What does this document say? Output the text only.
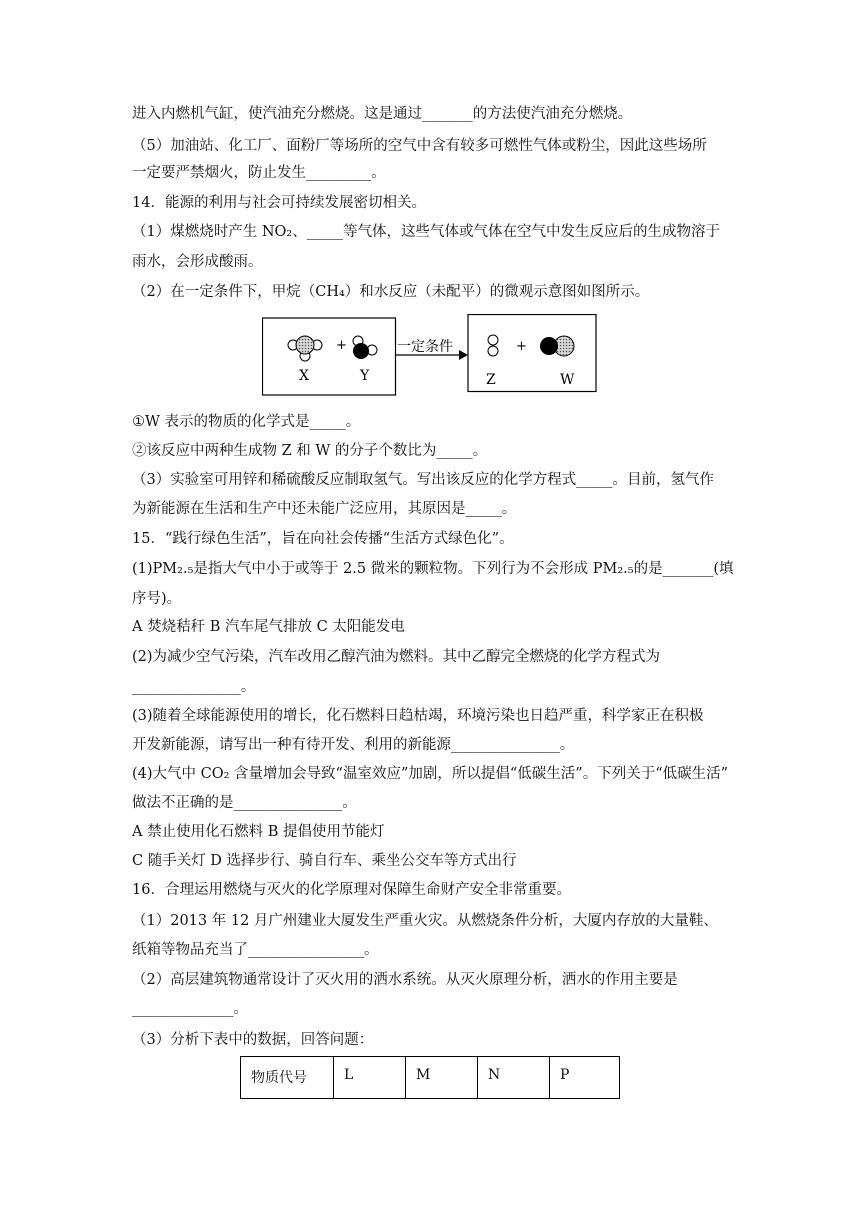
进入内燃机气缸，使汽油充分燃烧。这是通过_______的方法使汽油充分燃烧。
（5）加油站、化工厂、面粉厂等场所的空气中含有较多可燃性气体或粉尘，因此这些场所
一定要严禁烟火，防止发生_________。
14．能源的利用与社会可持续发展密切相关。
（1）煤燃烧时产生 NO₂、_____等气体，这些气体或气体在空气中发生反应后的生成物溶于
雨水，会形成酸雨。
（2）在一定条件下，甲烷（CH₄）和水反应（未配平）的微观示意图如图所示。
+
X	Y
一定条件	+
Z	W
①W 表示的物质的化学式是_____。
②该反应中两种生成物 Z 和 W 的分子个数比为_____。
（3）实验室可用锌和稀硫酸反应制取氢气。写出该反应的化学方程式_____。目前，氢气作
为新能源在生活和生产中还未能广泛应用，其原因是_____。
15．“践行绿色生活”，旨在向社会传播“生活方式绿色化”。
(1)PM₂.₅是指大气中小于或等于 2.5 微米的颗粒物。下列行为不会形成 PM₂.₅的是_______(填
序号)。
A 焚烧秸秆 B 汽车尾气排放 C 太阳能发电
(2)为减少空气污染，汽车改用乙醇汽油为燃料。其中乙醇完全燃烧的化学方程式为
_______________。
(3)随着全球能源使用的增长，化石燃料日趋枯竭，环境污染也日趋严重，科学家正在积极
开发新能源，请写出一种有待开发、利用的新能源_______________。
(4)大气中 CO₂ 含量增加会导致“温室效应”加剧，所以提倡“低碳生活”。下列关于“低碳生活”
做法不正确的是_______________。
A 禁止使用化石燃料 B 提倡使用节能灯
C 随手关灯 D 选择步行、骑自行车、乘坐公交车等方式出行
16．合理运用燃烧与灭火的化学原理对保障生命财产安全非常重要。
（1）2013 年 12 月广州建业大厦发生严重火灾。从燃烧条件分析，大厦内存放的大量鞋、
纸箱等物品充当了________________。
（2）高层建筑物通常设计了灭火用的洒水系统。从灭火原理分析，洒水的作用主要是
______________。
（3）分析下表中的数据，回答问题：
物质代号	L	M	N	P
